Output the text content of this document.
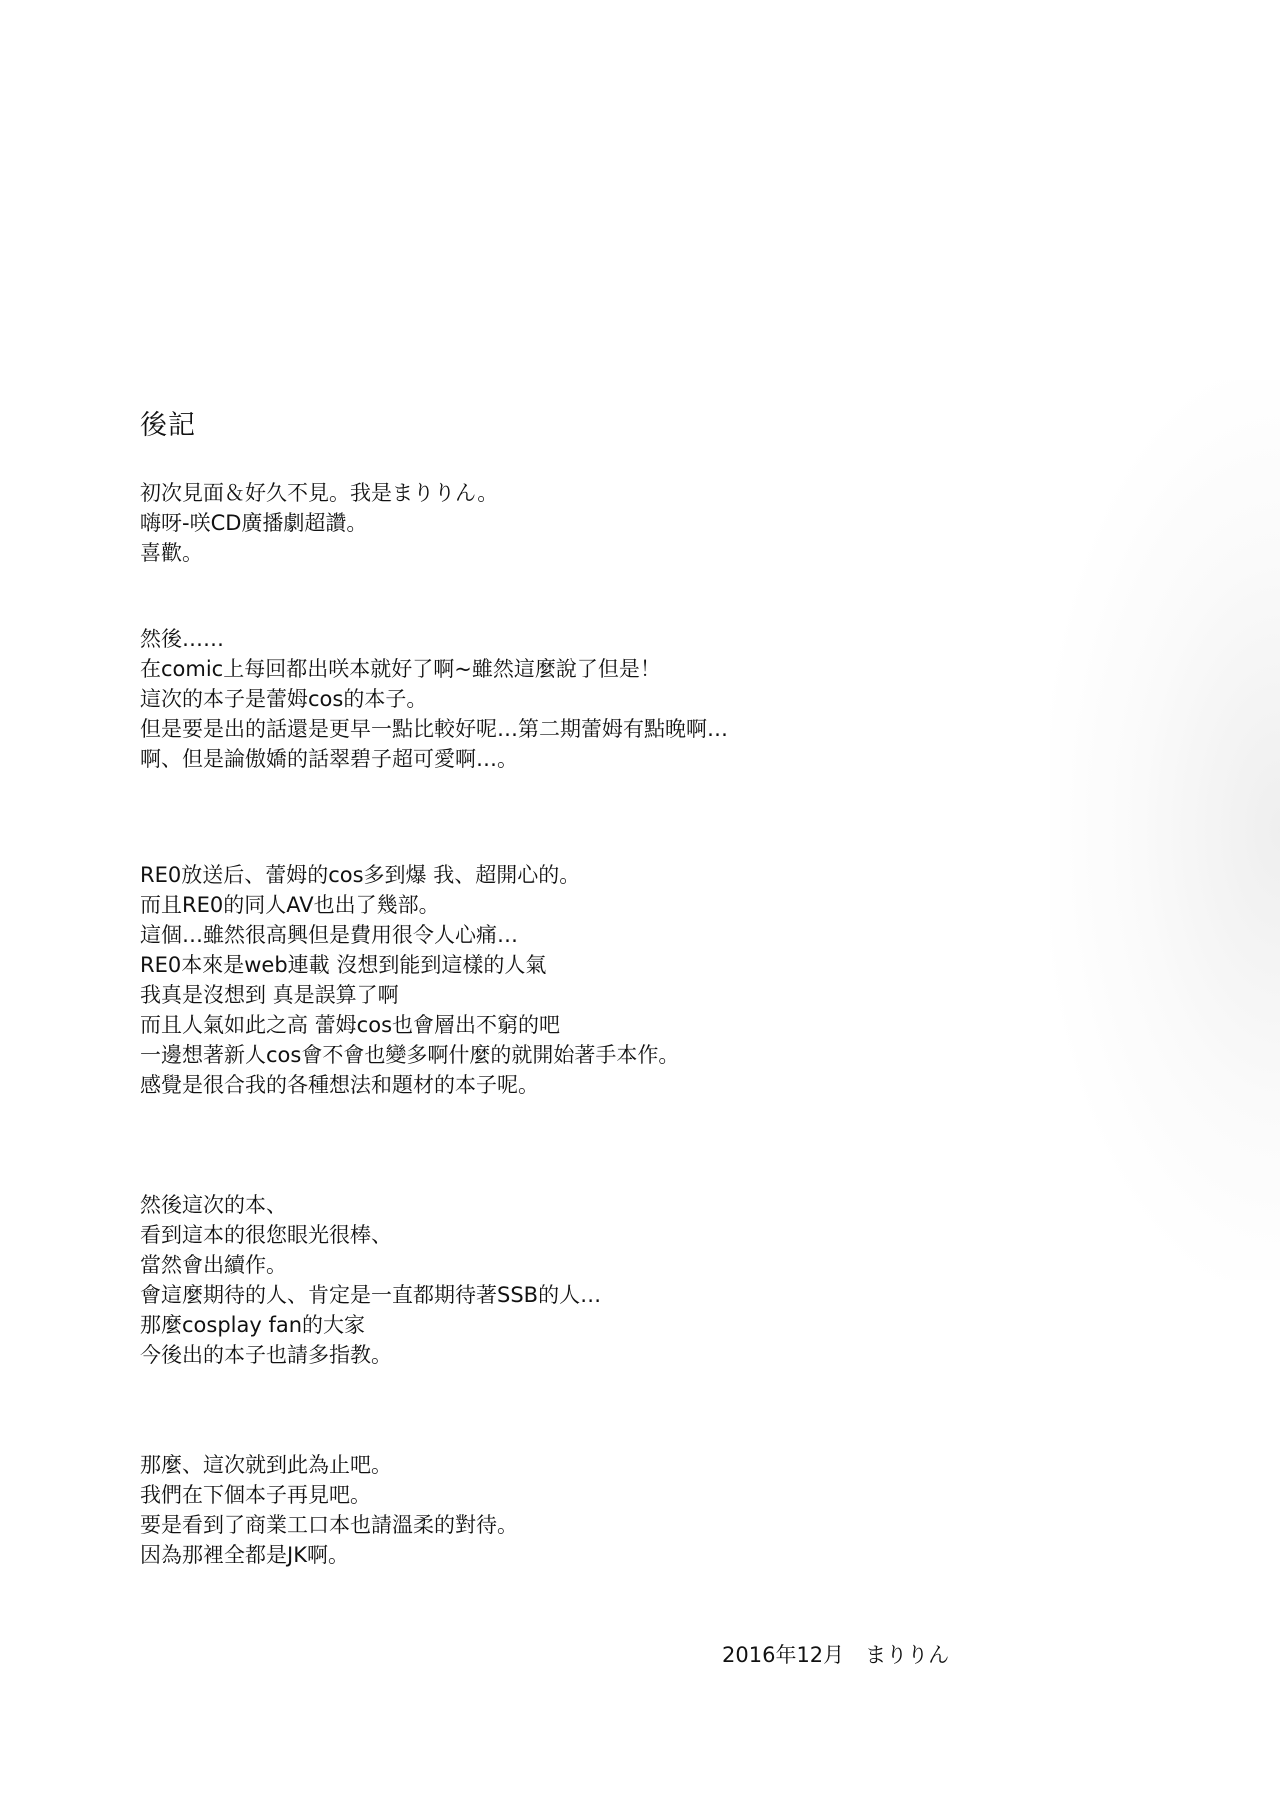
後記
初次見面＆好久不見。我是まりりん。
嗨呀-咲CD廣播劇超讚。
喜歡。
然後……
在comic上每回都出咲本就好了啊~雖然這麼說了但是！
這次的本子是蕾姆cos的本子。
但是要是出的話還是更早一點比較好呢…第二期蕾姆有點晚啊…
啊、但是論傲嬌的話翠碧子超可愛啊…。
RE0放送后、蕾姆的cos多到爆 我、超開心的。
而且RE0的同人AV也出了幾部。
這個…雖然很高興但是費用很令人心痛…
RE0本來是web連載 沒想到能到這樣的人氣
我真是沒想到 真是誤算了啊
而且人氣如此之高 蕾姆cos也會層出不窮的吧
一邊想著新人cos會不會也變多啊什麼的就開始著手本作。
感覺是很合我的各種想法和題材的本子呢。
然後這次的本、
看到這本的很您眼光很棒、
當然會出續作。
會這麼期待的人、肯定是一直都期待著SSB的人…
那麼cosplay fan的大家
今後出的本子也請多指教。
那麼、這次就到此為止吧。
我們在下個本子再見吧。
要是看到了商業工口本也請溫柔的對待。
因為那裡全都是JK啊。
2016年12月　まりりん
